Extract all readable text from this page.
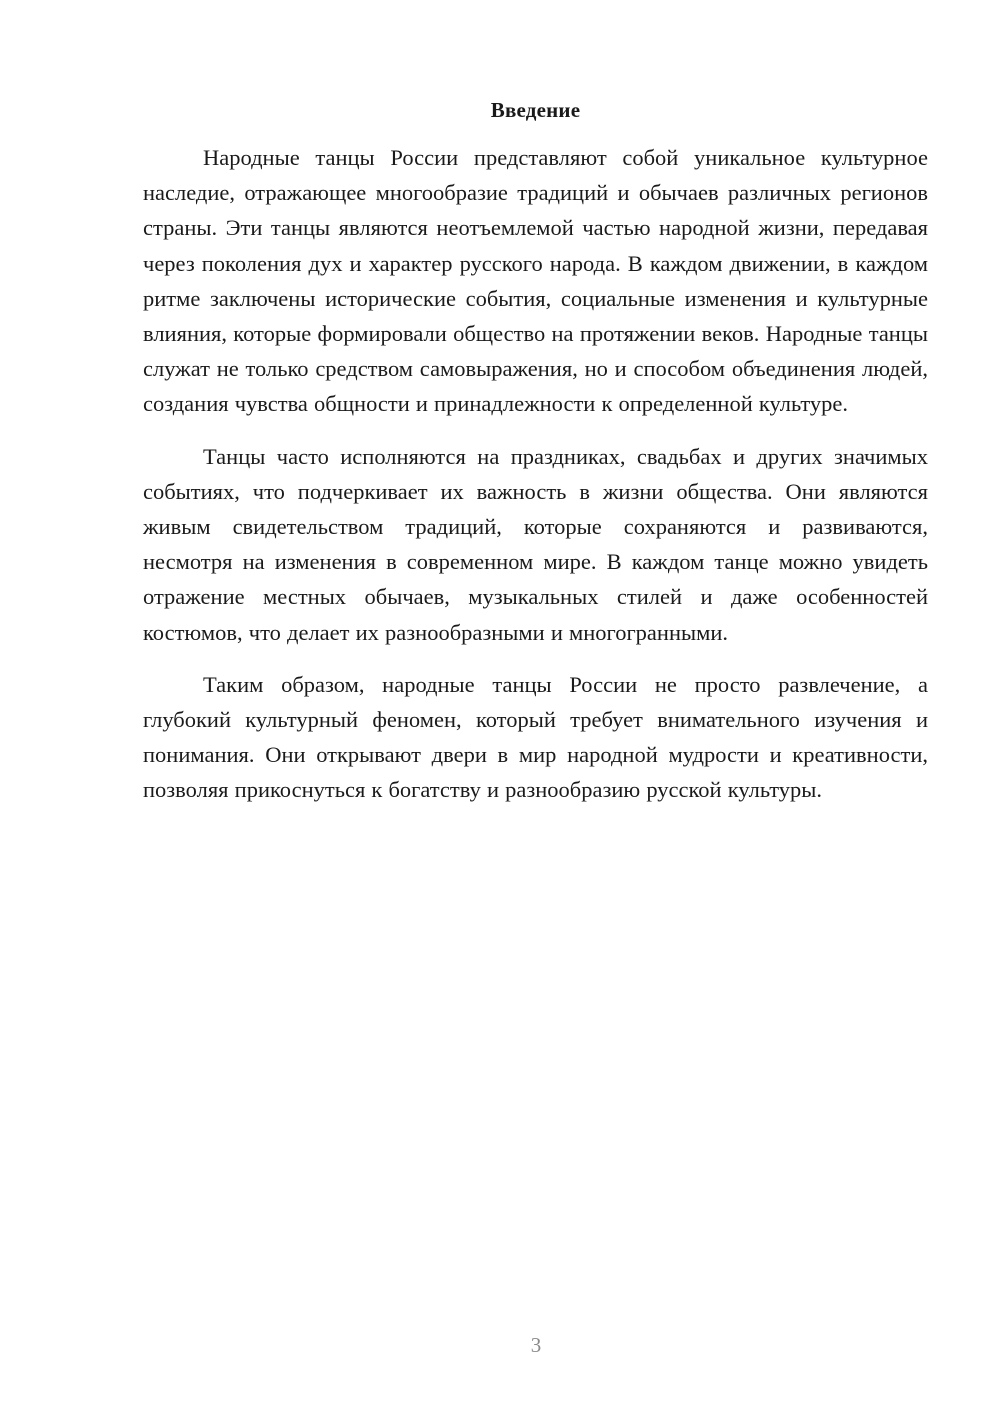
Введение

Народные танцы России представляют собой уникальное культурное наследие, отражающее многообразие традиций и обычаев различных регионов страны. Эти танцы являются неотъемлемой частью народной жизни, передавая через поколения дух и характер русского народа. В каждом движении, в каждом ритме заключены исторические события, социальные изменения и культурные влияния, которые формировали общество на протяжении веков. Народные танцы служат не только средством самовыражения, но и способом объединения людей, создания чувства общности и принадлежности к определенной культуре.

Танцы часто исполняются на праздниках, свадьбах и других значимых событиях, что подчеркивает их важность в жизни общества. Они являются живым свидетельством традиций, которые сохраняются и развиваются, несмотря на изменения в современном мире. В каждом танце можно увидеть отражение местных обычаев, музыкальных стилей и даже особенностей костюмов, что делает их разнообразными и многогранными.

Таким образом, народные танцы России не просто развлечение, а глубокий культурный феномен, который требует внимательного изучения и понимания. Они открывают двери в мир народной мудрости и креативности, позволяя прикоснуться к богатству и разнообразию русской культуры.

3
